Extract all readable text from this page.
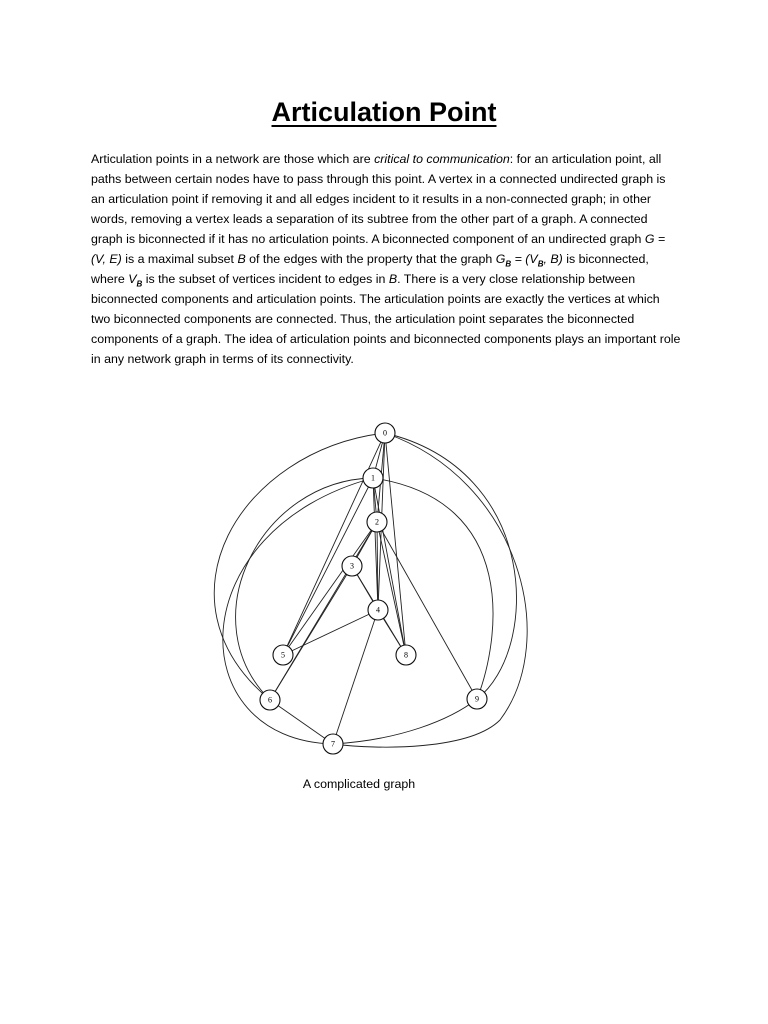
Articulation Point

Articulation points in a network are those which are critical to communication: for an articulation point, all paths between certain nodes have to pass through this point. A vertex in a connected undirected graph is an articulation point if removing it and all edges incident to it results in a non-connected graph; in other words, removing a vertex leads a separation of its subtree from the other part of a graph. A connected graph is biconnected if it has no articulation points. A biconnected component of an undirected graph G = (V, E) is a maximal subset B of the edges with the property that the graph $G_B = (V_B$, B) is biconnected, where $V_B$ is the subset of vertices incident to edges in B. There is a very close relationship between biconnected components and articulation points. The articulation points are exactly the vertices at which two biconnected components are connected. Thus, the articulation point separates the biconnected components of a graph. The idea of articulation points and biconnected components plays an important role in any network graph in terms of its connectivity.

0
1
2
3
4
5
6
7
8
9
A complicated graph
